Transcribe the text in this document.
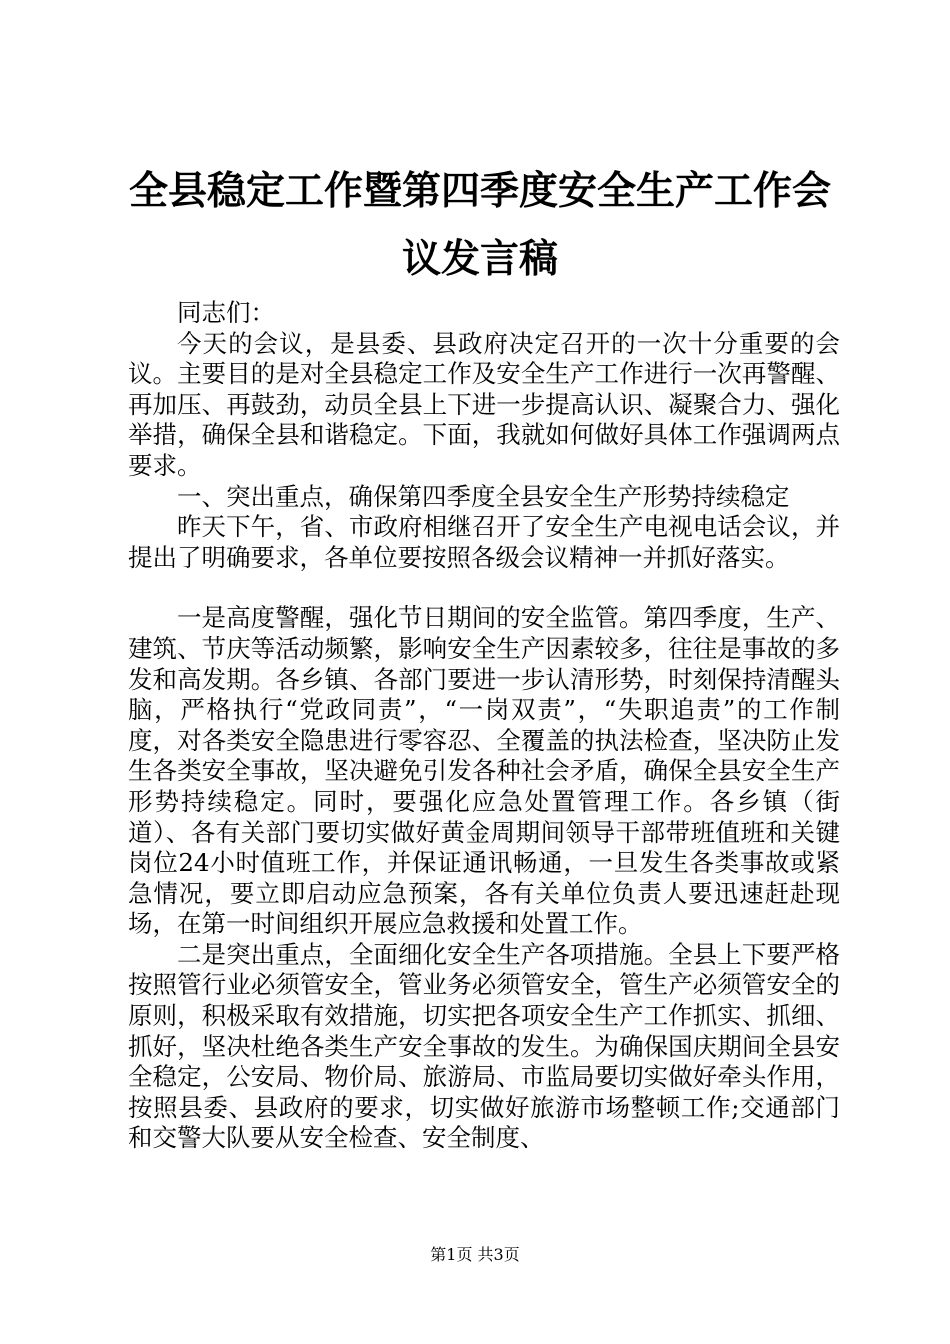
全县稳定工作暨第四季度安全生产工作会议发言稿

同志们：

今天的会议，是县委、县政府决定召开的一次十分重要的会议。主要目的是对全县稳定工作及安全生产工作进行一次再警醒、再加压、再鼓劲，动员全县上下进一步提高认识、凝聚合力、强化举措，确保全县和谐稳定。下面，我就如何做好具体工作强调两点要求。

一、突出重点，确保第四季度全县安全生产形势持续稳定

昨天下午，省、市政府相继召开了安全生产电视电话会议，并提出了明确要求，各单位要按照各级会议精神一并抓好落实。

一是高度警醒，强化节日期间的安全监管。第四季度，生产、建筑、节庆等活动频繁，影响安全生产因素较多，往往是事故的多发和高发期。各乡镇、各部门要进一步认清形势，时刻保持清醒头脑，严格执行“党政同责”，“一岗双责”，“失职追责”的工作制度，对各类安全隐患进行零容忍、全覆盖的执法检查，坚决防止发生各类安全事故，坚决避免引发各种社会矛盾，确保全县安全生产形势持续稳定。同时，要强化应急处置管理工作。各乡镇（街道）、各有关部门要切实做好黄金周期间领导干部带班值班和关键岗位24小时值班工作，并保证通讯畅通，一旦发生各类事故或紧急情况，要立即启动应急预案，各有关单位负责人要迅速赶赴现场，在第一时间组织开展应急救援和处置工作。

二是突出重点，全面细化安全生产各项措施。全县上下要严格按照管行业必须管安全，管业务必须管安全，管生产必须管安全的原则，积极采取有效措施，切实把各项安全生产工作抓实、抓细、抓好，坚决杜绝各类生产安全事故的发生。为确保国庆期间全县安全稳定，公安局、物价局、旅游局、市监局要切实做好牵头作用，按照县委、县政府的要求，切实做好旅游市场整顿工作;交通部门和交警大队要从安全检查、安全制度、

第1页 共3页
